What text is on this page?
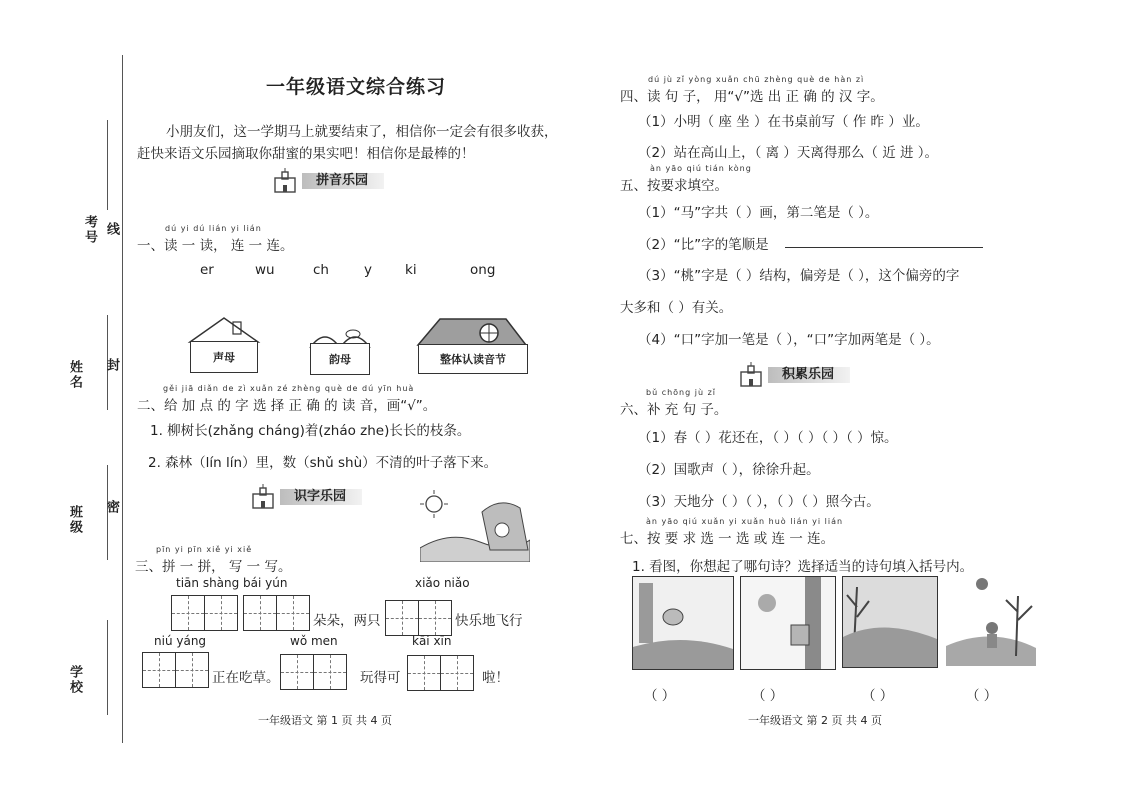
考号 线
姓名 封
班级 密
学校
一年级语文综合练习
小朋友们，这一学期马上就要结束了，相信你一定会有很多收获，
赶快来语文乐园摘取你甜蜜的果实吧！相信你是最棒的！
拼音乐园
dú yi dú lián yi lián
一、读 一 读， 连 一 连。
er	wu	ch	y ki	ong
声母	韵母	整体认读音节
gěi jiā diǎn de zì xuǎn zé zhèng què de dú yīn huà
二、给 加 点 的 字 选 择 正 确 的 读 音，画“√”。
1. 柳树长(zhǎng cháng)着(zháo zhe)长长的枝条。
2. 森林（lín lín）里，数（shǔ shù）不清的叶子落下来。
识字乐园
pīn yi pīn xiě yi xiě
三、拼 一 拼， 写 一 写。
tiān shàng bái yún	xiǎo niǎo
朵朵，两只	快乐地飞行
niú yáng	wǒ men	kāi xīn
正在吃草。	玩得可	啦！
一年级语文 第 1 页 共 4 页
dú jù zǐ yòng xuǎn chū zhèng què de hàn zì
四、读 句 子， 用“√”选 出 正 确 的 汉 字。
（1）小明（ 座 坐 ）在书桌前写（ 作 昨 ）业。
（2）站在高山上，（ 离 ）天离得那么（ 近 进 ）。
àn yāo qiú tián kòng
五、按要求填空。
（1）“马”字共（ ）画，第二笔是（ ）。
（2）“比”字的笔顺是
（3）“桃”字是（ ）结构，偏旁是（ ），这个偏旁的字
大多和（ ）有关。
（4）“口”字加一笔是（ ），“口”字加两笔是（ ）。
积累乐园
bǔ chōng jù zǐ
六、补 充 句 子。
（1）春（ ）花还在，（ ）（ ）（ ）（ ）惊。
（2）国歌声（ ），徐徐升起。
（3）天地分（ ）（ ），（ ）（ ）照今古。
àn yāo qiú xuǎn yi xuǎn huò lián yi lián
七、按 要 求 选 一 选 或 连 一 连。
1. 看图，你想起了哪句诗？选择适当的诗句填入括号内。
（ ）	（ ）	（ ）	（ ）
一年级语文 第 2 页 共 4 页
